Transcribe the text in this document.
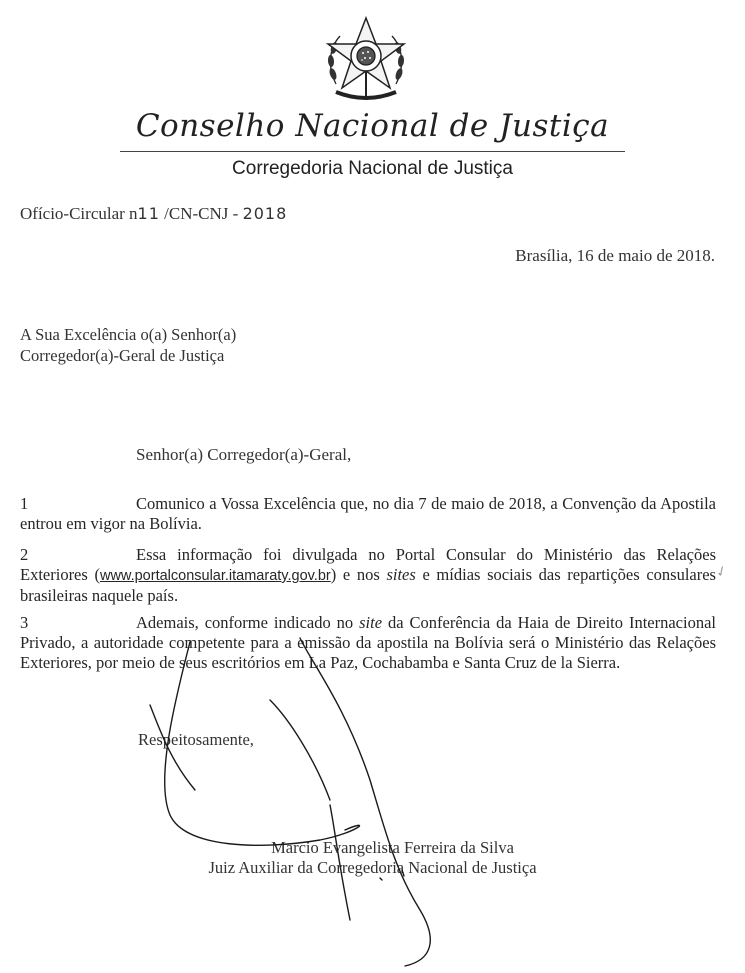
Conselho Nacional de Justiça
Corregedoria Nacional de Justiça
Ofício-Circular n11 /CN-CNJ - 2018
Brasília, 16 de maio de 2018.
A Sua Excelência o(a) Senhor(a)
Corregedor(a)-Geral de Justiça
Senhor(a) Corregedor(a)-Geral,
1	Comunico a Vossa Excelência que, no dia 7 de maio de 2018, a Convenção da Apostila entrou em vigor na Bolívia.
2	Essa informação foi divulgada no Portal Consular do Ministério das Relações Exteriores (www.portalconsular.itamaraty.gov.br) e nos sites e mídias sociais das repartições consulares brasileiras naquele país.
3	Ademais, conforme indicado no site da Conferência da Haia de Direito Internacional Privado, a autoridade competente para a emissão da apostila na Bolívia será o Ministério das Relações Exteriores, por meio de seus escritórios em La Paz, Cochabamba e Santa Cruz de la Sierra.
Respeitosamente,
Marcio Evangelista Ferreira da Silva
Juiz Auxiliar da Corregedoria Nacional de Justiça
✓
